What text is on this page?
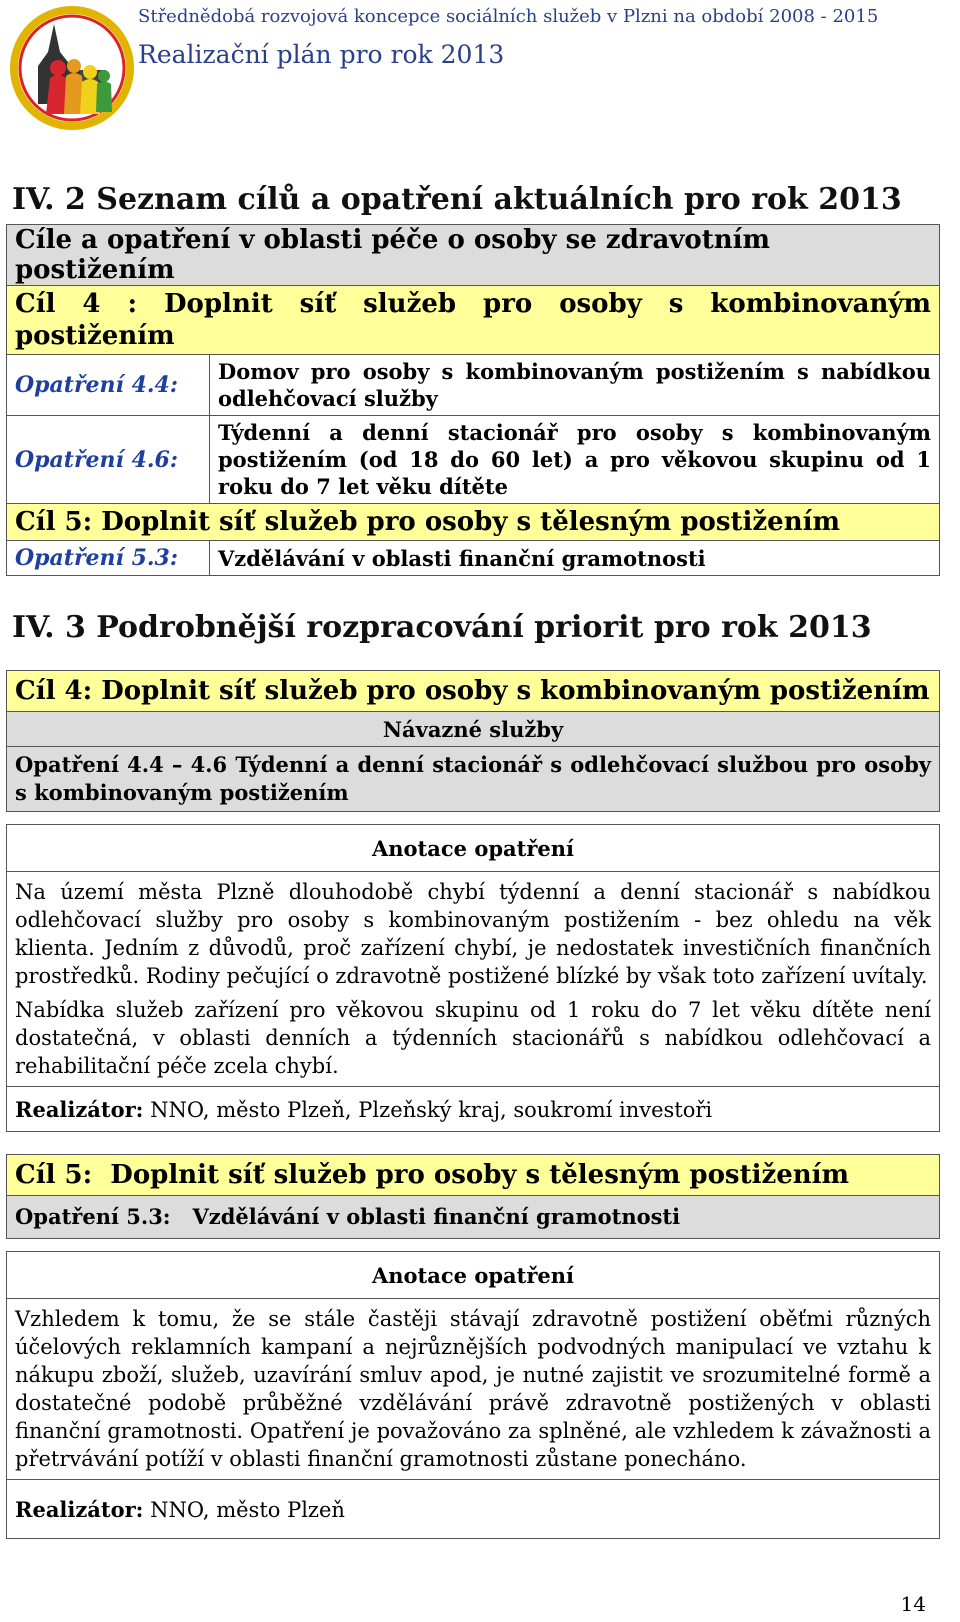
Střednědobá rozvojová koncepce sociálních služeb v Plzni na období 2008 - 2015
Realizační plán pro rok 2013
IV. 2 Seznam cílů a opatření aktuálních pro rok 2013
Cíle a opatření v oblasti péče o osoby se zdravotním postižením	
Cíl 4 : Doplnit síť služeb pro osoby s kombinovaným postižením	
Opatření 4.4:	Domov pro osoby s kombinovaným postižením s nabídkou odlehčovací služby
Opatření 4.6:	Týdenní a denní stacionář pro osoby s kombinovaným postižením (od 18 do 60 let) a pro věkovou skupinu od 1 roku do 7 let věku dítěte
Cíl 5: Doplnit síť služeb pro osoby s tělesným postižením	
Opatření 5.3:	Vzdělávání v oblasti finanční gramotnosti
IV. 3 Podrobnější rozpracování priorit pro rok 2013
Cíl 4: Doplnit síť služeb pro osoby s kombinovaným postižením
Návazné služby
Opatření 4.4 – 4.6 Týdenní a denní stacionář s odlehčovací službou pro osoby s kombinovaným postižením

Anotace opatření

Na území města Plzně dlouhodobě chybí týdenní a denní stacionář s nabídkou odlehčovací služby pro osoby s kombinovaným postižením - bez ohledu na věk klienta. Jedním z důvodů, proč zařízení chybí, je nedostatek investičních finančních prostředků. Rodiny pečující o zdravotně postižené blízké by však toto zařízení uvítaly.

Nabídka služeb zařízení pro věkovou skupinu od 1 roku do 7 let věku dítěte není dostatečná, v oblasti denních a týdenních stacionářů s nabídkou odlehčovací a rehabilitační péče zcela chybí.

Realizátor: NNO, město Plzeň, Plzeňský kraj, soukromí investoři
Cíl 5:  Doplnit síť služeb pro osoby s tělesným postižením
Opatření 5.3:   Vzdělávání v oblasti finanční gramotnosti

Anotace opatření

Vzhledem k tomu, že se stále častěji stávají zdravotně postižení oběťmi různých účelových reklamních kampaní a nejrůznějších podvodných manipulací ve vztahu k nákupu zboží, služeb, uzavírání smluv apod, je nutné zajistit ve srozumitelné formě a dostatečné podobě průběžné vzdělávání právě zdravotně postižených v oblasti finanční gramotnosti. Opatření je považováno za splněné, ale vzhledem k závažnosti a přetrvávání potíží v oblasti finanční gramotnosti zůstane ponecháno.

Realizátor: NNO, město Plzeň
14
